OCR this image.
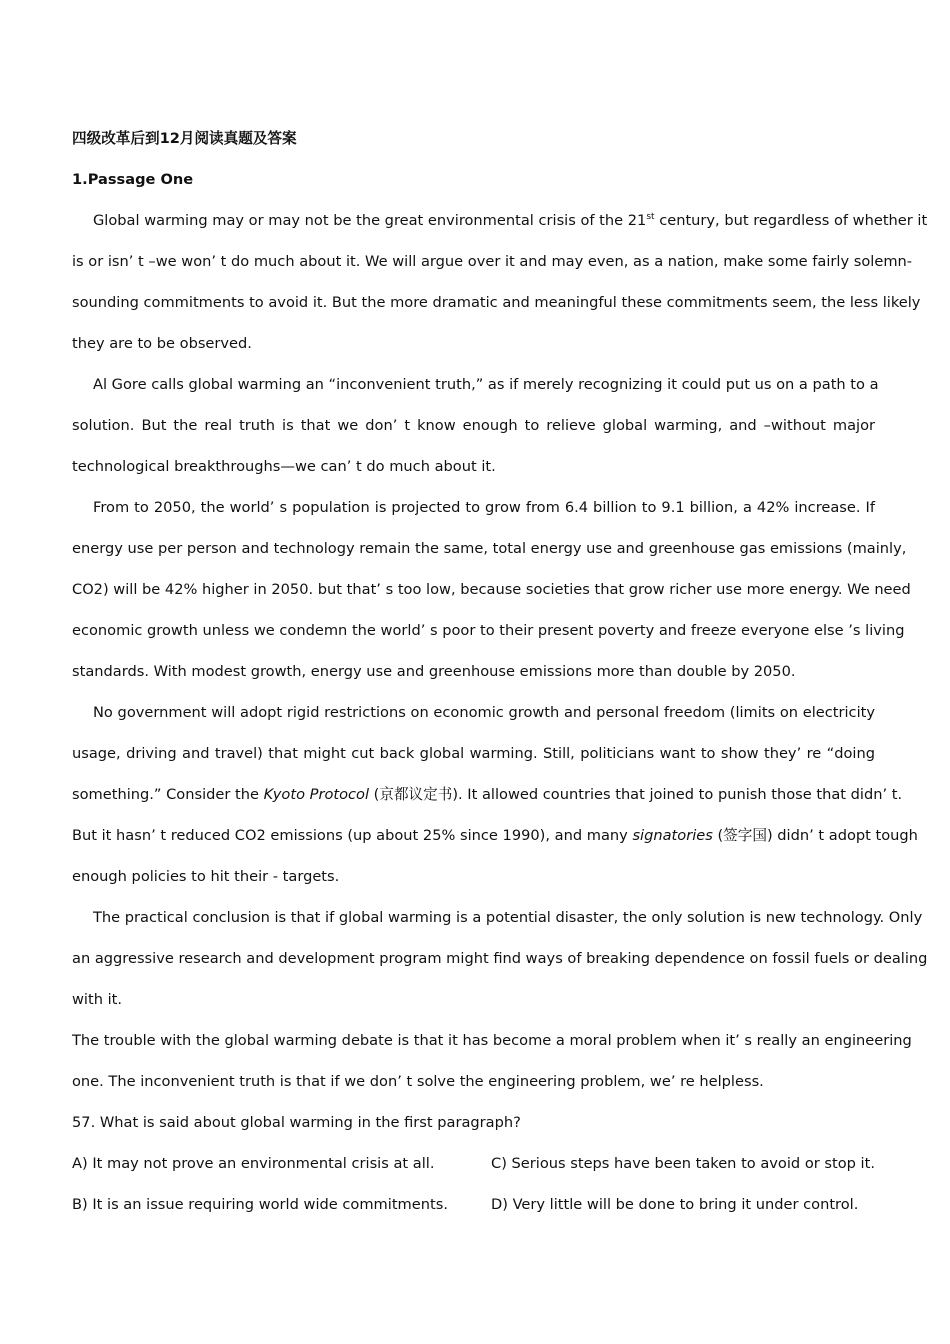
四级改革后到12月阅读真题及答案

1.Passage One

Global warming may or may not be the great environmental crisis of the 21st century, but regardless of whether it

is or isn’ t –we won’ t do much about it. We will argue over it and may even, as a nation, make some fairly solemn-

sounding commitments to avoid it. But the more dramatic and meaningful these commitments seem, the less likely

they are to be observed.

Al Gore calls global warming an “inconvenient truth,” as if merely recognizing it could put us on a path to a

solution. But the real truth is that we don’ t know enough to relieve global warming, and –without major

technological breakthroughs—we can’ t do much about it.

From to 2050, the world’ s population is projected to grow from 6.4 billion to 9.1 billion, a 42% increase. If

energy use per person and technology remain the same, total energy use and greenhouse gas emissions (mainly,

CO2) will be 42% higher in 2050. but that’ s too low, because societies that grow richer use more energy. We need

economic growth unless we condemn the world’ s poor to their present poverty and freeze everyone else ’s living

standards. With modest growth, energy use and greenhouse emissions more than double by 2050.

No government will adopt rigid restrictions on economic growth and personal freedom (limits on electricity

usage, driving and travel) that might cut back global warming. Still, politicians want to show they’ re “doing

something.” Consider the Kyoto Protocol (京都议定书). It allowed countries that joined to punish those that didn’ t.

But it hasn’ t reduced CO2 emissions (up about 25% since 1990), and many signatories (签字国) didn’ t adopt tough

enough policies to hit their - targets.

The practical conclusion is that if global warming is a potential disaster, the only solution is new technology. Only

an aggressive research and development program might find ways of breaking dependence on fossil fuels or dealing

with it.

The trouble with the global warming debate is that it has become a moral problem when it’ s really an engineering

one. The inconvenient truth is that if we don’ t solve the engineering problem, we’ re helpless.

57. What is said about global warming in the first paragraph?

A) It may not prove an environmental crisis at all.	C) Serious steps have been taken to avoid or stop it.
B) It is an issue requiring world wide commitments.	D) Very little will be done to bring it under control.
